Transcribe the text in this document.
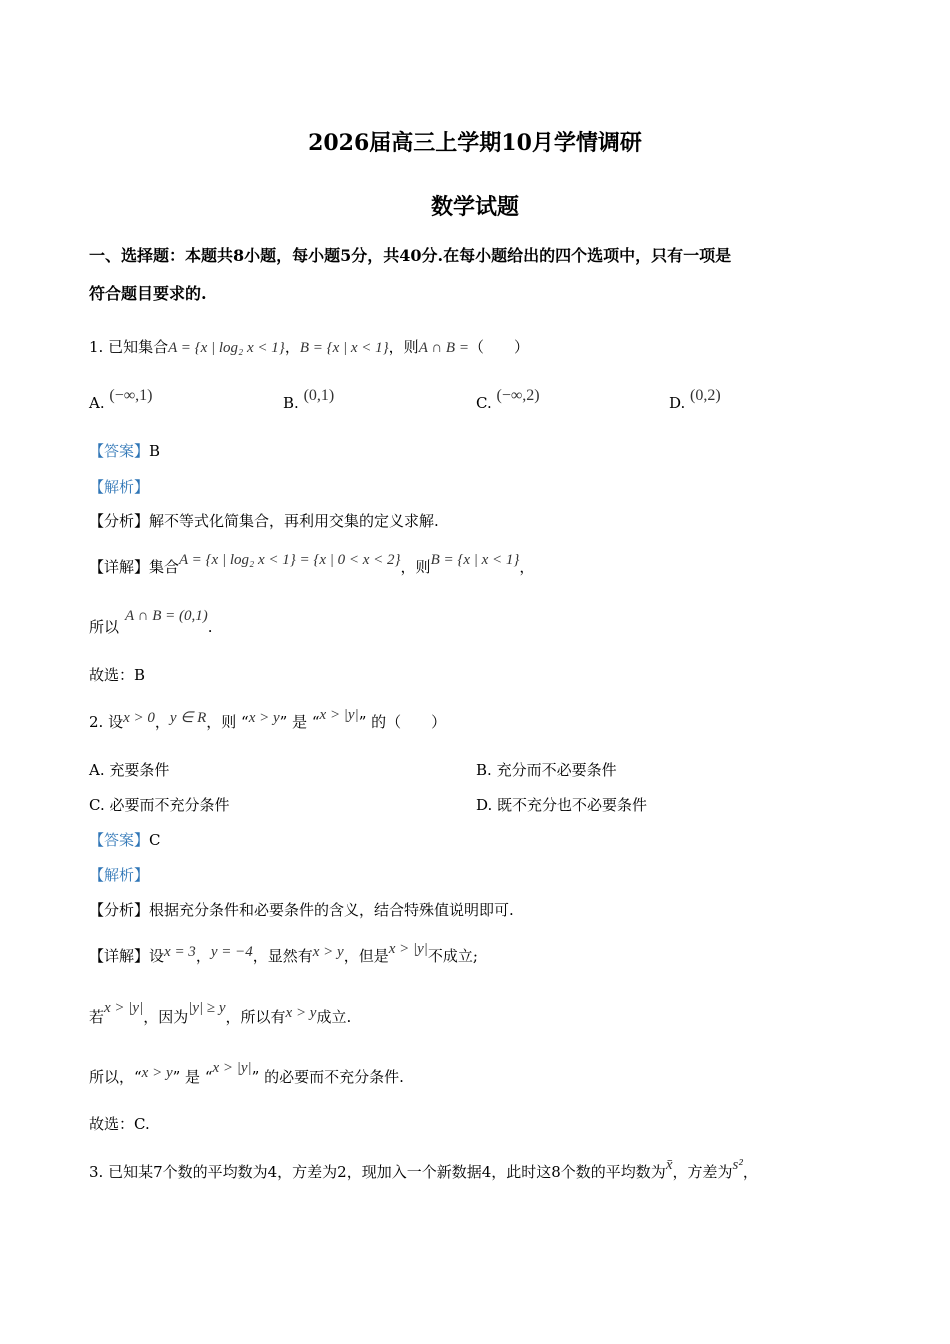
2026届高三上学期10月学情调研
数学试题
一、选择题：本题共8小题，每小题5分，共40分.在每小题给出的四个选项中，只有一项是
符合题目要求的.
1. 已知集合A = {x | log₂ x < 1}，B = {x | x < 1}，则A ∩ B =（　　）
A. (−∞,1)	B. (0,1)	C. (−∞,2)	D. (0,2)
【答案】B
【解析】
【分析】解不等式化简集合，再利用交集的定义求解.
【详解】集合A = {x | log₂ x < 1} = {x | 0 < x < 2}，则B = {x | x < 1}，
所以A ∩ B = (0,1).
故选：B
2. 设x > 0，y ∈ R，则 “x > y” 是 “x > |y|” 的（　　）
A. 充要条件	B. 充分而不必要条件
C. 必要而不充分条件	D. 既不充分也不必要条件
【答案】C
【解析】
【分析】根据充分条件和必要条件的含义，结合特殊值说明即可.
【详解】设x = 3，y = −4，显然有x > y，但是x > |y|不成立;
若x > |y|，因为|y| ≥ y，所以有x > y成立.
所以，“x > y” 是 “x > |y|” 的必要而不充分条件.
故选：C.
3. 已知某7个数的平均数为4，方差为2，现加入一个新数据4，此时这8个数的平均数为x̄，方差为s²，
